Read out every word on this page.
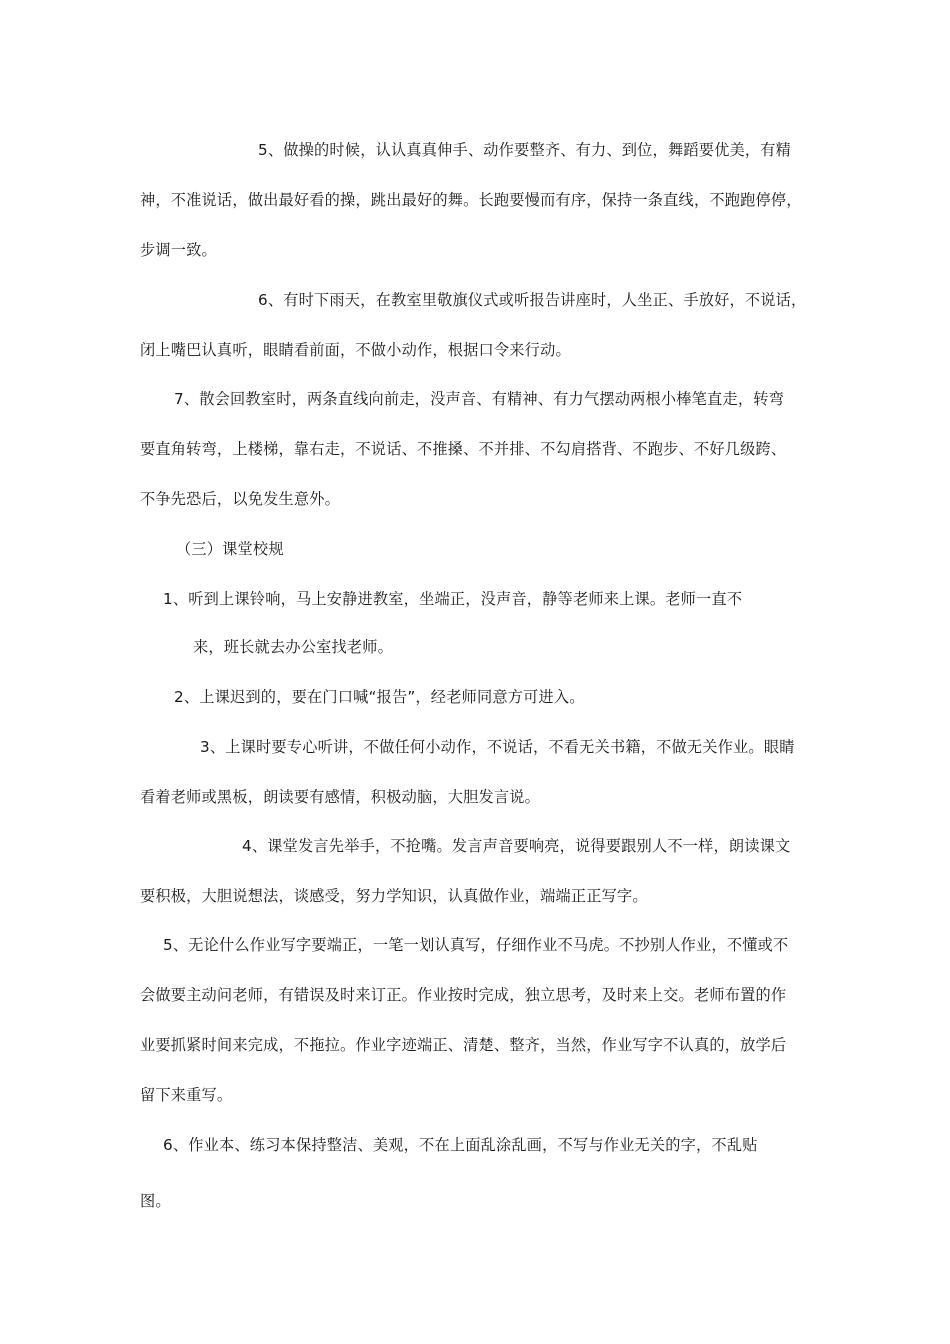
5、做操的时候，认认真真伸手、动作要整齐、有力、到位，舞蹈要优美，有精
神，不准说话，做出最好看的操，跳出最好的舞。长跑要慢而有序，保持一条直线，不跑跑停停，
步调一致。
6、有时下雨天，在教室里敬旗仪式或听报告讲座时，人坐正、手放好，不说话，
闭上嘴巴认真听，眼睛看前面，不做小动作，根据口令来行动。
7、散会回教室时，两条直线向前走，没声音、有精神、有力气摆动两根小棒笔直走，转弯
要直角转弯，上楼梯，靠右走，不说话、不推搡、不并排、不勾肩搭背、不跑步、不好几级跨、
不争先恐后，以免发生意外。
（三）课堂校规
1、听到上课铃响，马上安静进教室，坐端正，没声音，静等老师来上课。老师一直不
来，班长就去办公室找老师。
2、上课迟到的，要在门口喊“报告”，经老师同意方可进入。
3、上课时要专心听讲，不做任何小动作，不说话，不看无关书籍，不做无关作业。眼睛
看着老师或黑板，朗读要有感情，积极动脑，大胆发言说。
4、课堂发言先举手，不抢嘴。发言声音要响亮，说得要跟别人不一样，朗读课文
要积极，大胆说想法，谈感受，努力学知识，认真做作业，端端正正写字。
5、无论什么作业写字要端正，一笔一划认真写，仔细作业不马虎。不抄别人作业，不懂或不
会做要主动问老师，有错误及时来订正。作业按时完成，独立思考，及时来上交。老师布置的作
业要抓紧时间来完成，不拖拉。作业字迹端正、清楚、整齐，当然，作业写字不认真的，放学后
留下来重写。
6、作业本、练习本保持整洁、美观，不在上面乱涂乱画，不写与作业无关的字，不乱贴
图。
